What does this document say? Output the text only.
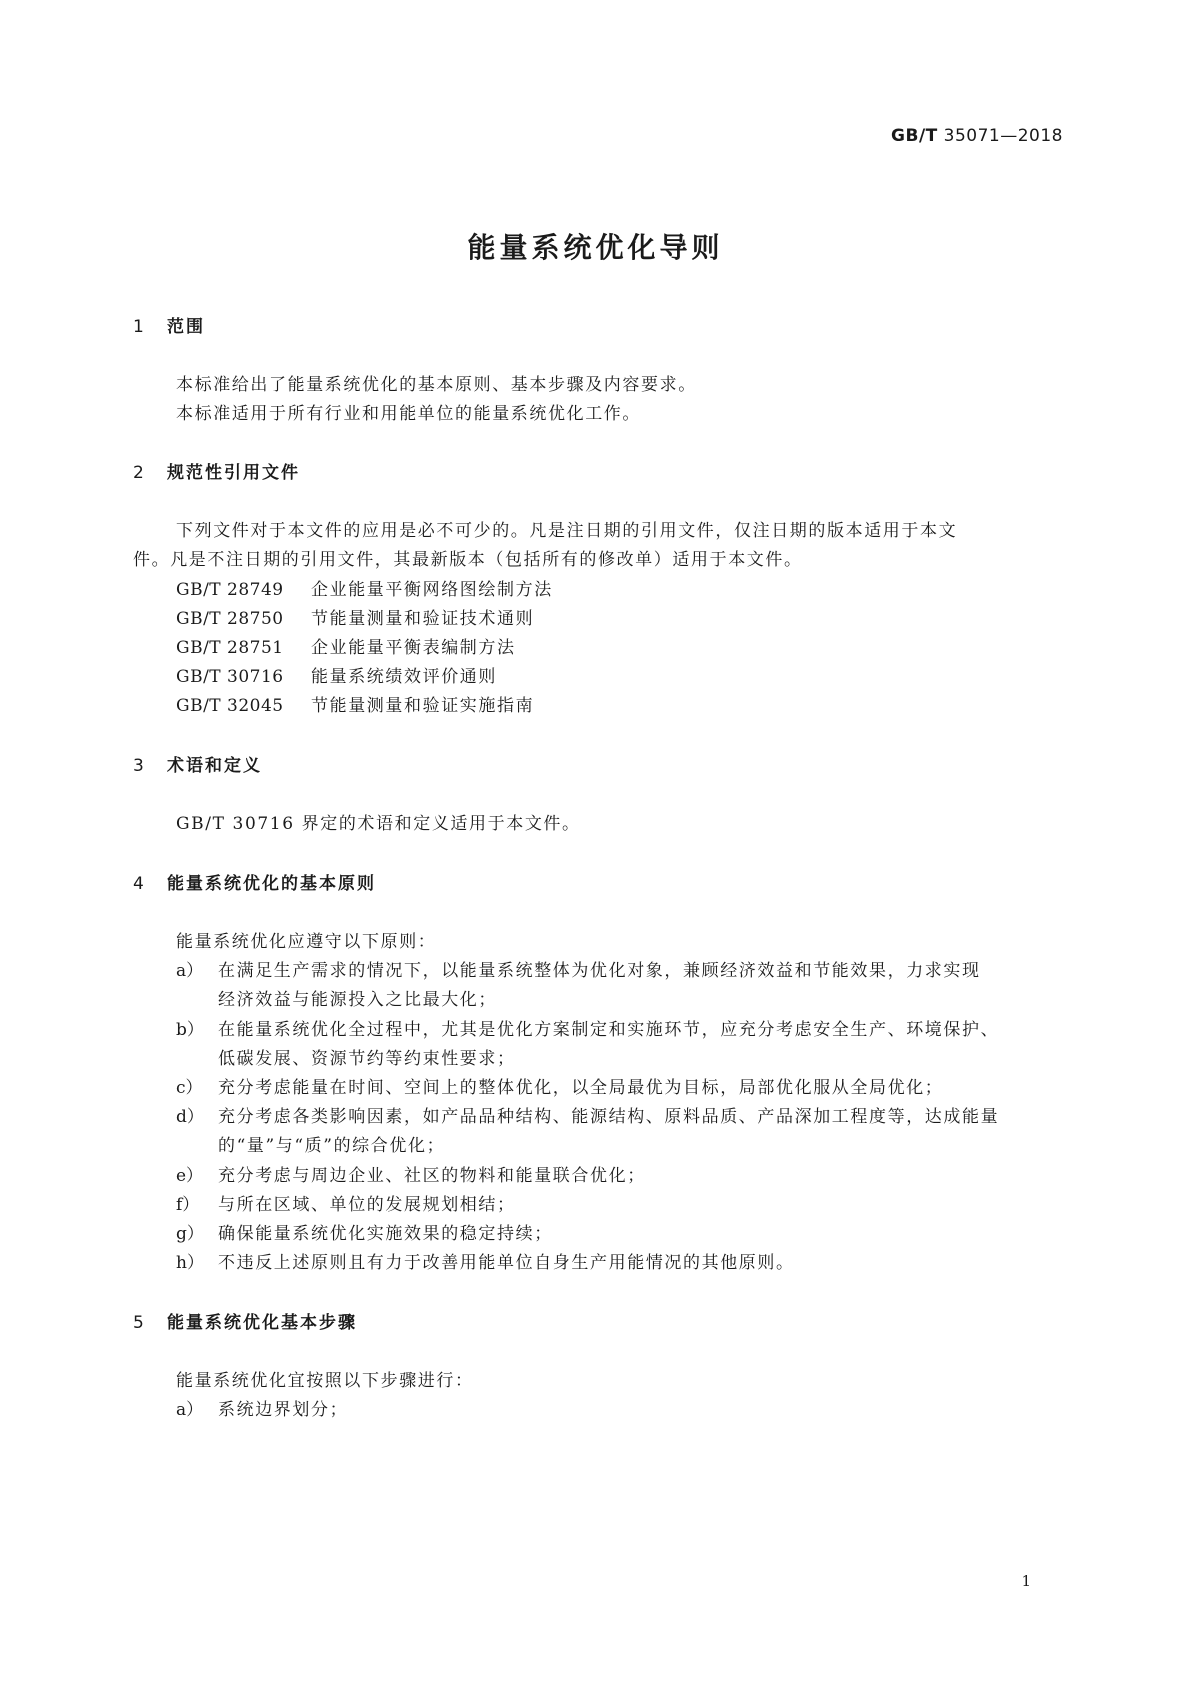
GB/T 35071—2018
能量系统优化导则
1 范围

本标准给出了能量系统优化的基本原则、基本步骤及内容要求。

本标准适用于所有行业和用能单位的能量系统优化工作。

2 规范性引用文件

下列文件对于本文件的应用是必不可少的。凡是注日期的引用文件，仅注日期的版本适用于本文

件。凡是不注日期的引用文件，其最新版本（包括所有的修改单）适用于本文件。

GB/T 28749 企业能量平衡网络图绘制方法

GB/T 28750 节能量测量和验证技术通则

GB/T 28751 企业能量平衡表编制方法

GB/T 30716 能量系统绩效评价通则

GB/T 32045 节能量测量和验证实施指南

3 术语和定义

GB/T 30716 界定的术语和定义适用于本文件。

4 能量系统优化的基本原则

能量系统优化应遵守以下原则：

a） 在满足生产需求的情况下，以能量系统整体为优化对象，兼顾经济效益和节能效果，力求实现

经济效益与能源投入之比最大化；

b） 在能量系统优化全过程中，尤其是优化方案制定和实施环节，应充分考虑安全生产、环境保护、

低碳发展、资源节约等约束性要求；

c） 充分考虑能量在时间、空间上的整体优化，以全局最优为目标，局部优化服从全局优化；

d） 充分考虑各类影响因素，如产品品种结构、能源结构、原料品质、产品深加工程度等，达成能量

的“量”与“质”的综合优化；

e） 充分考虑与周边企业、社区的物料和能量联合优化；

f） 与所在区域、单位的发展规划相结；

g） 确保能量系统优化实施效果的稳定持续；

h） 不违反上述原则且有力于改善用能单位自身生产用能情况的其他原则。

5 能量系统优化基本步骤

能量系统优化宜按照以下步骤进行：

a） 系统边界划分；

1
